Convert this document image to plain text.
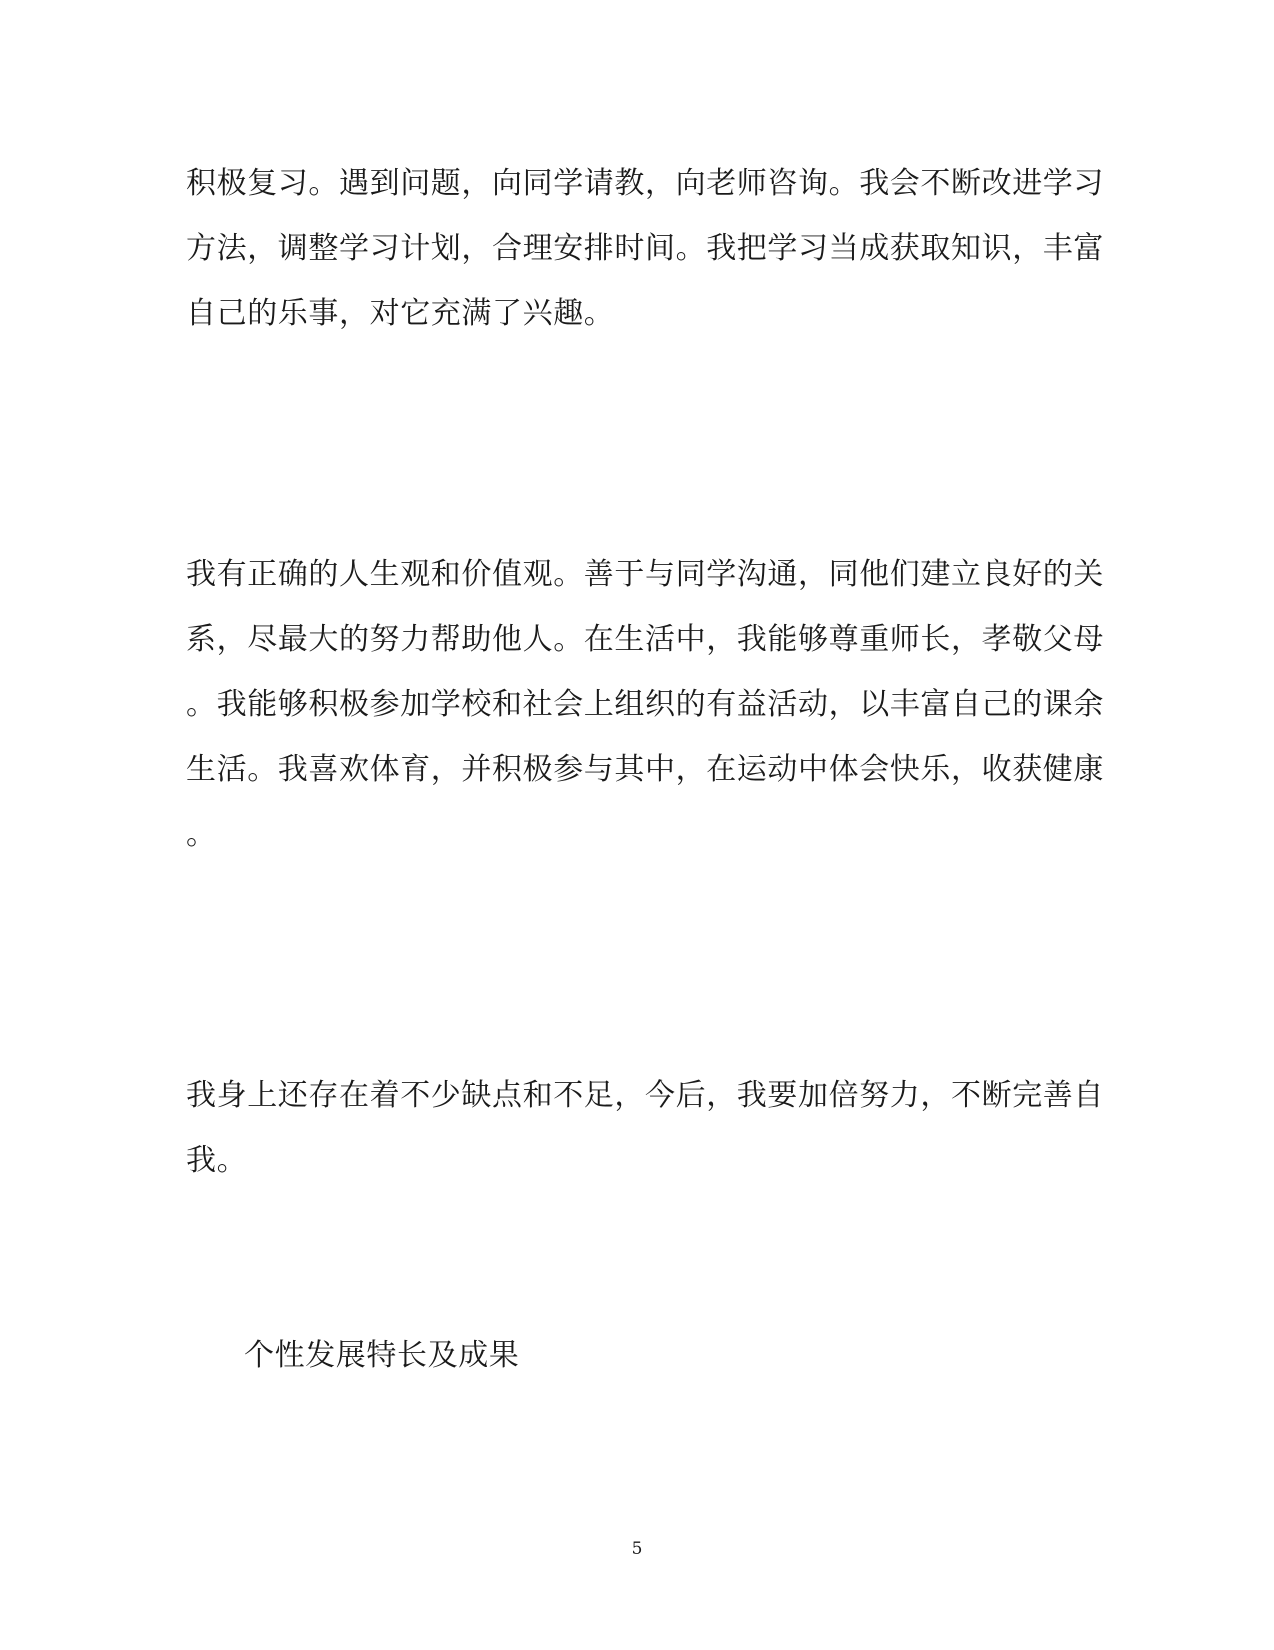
积极复习。遇到问题，向同学请教，向老师咨询。我会不断改进学习
方法，调整学习计划，合理安排时间。我把学习当成获取知识，丰富
自己的乐事，对它充满了兴趣。
我有正确的人生观和价值观。善于与同学沟通，同他们建立良好的关
系，尽最大的努力帮助他人。在生活中，我能够尊重师长，孝敬父母
。我能够积极参加学校和社会上组织的有益活动，以丰富自己的课余
生活。我喜欢体育，并积极参与其中，在运动中体会快乐，收获健康
。
我身上还存在着不少缺点和不足，今后，我要加倍努力，不断完善自
我。
个性发展特长及成果
5
